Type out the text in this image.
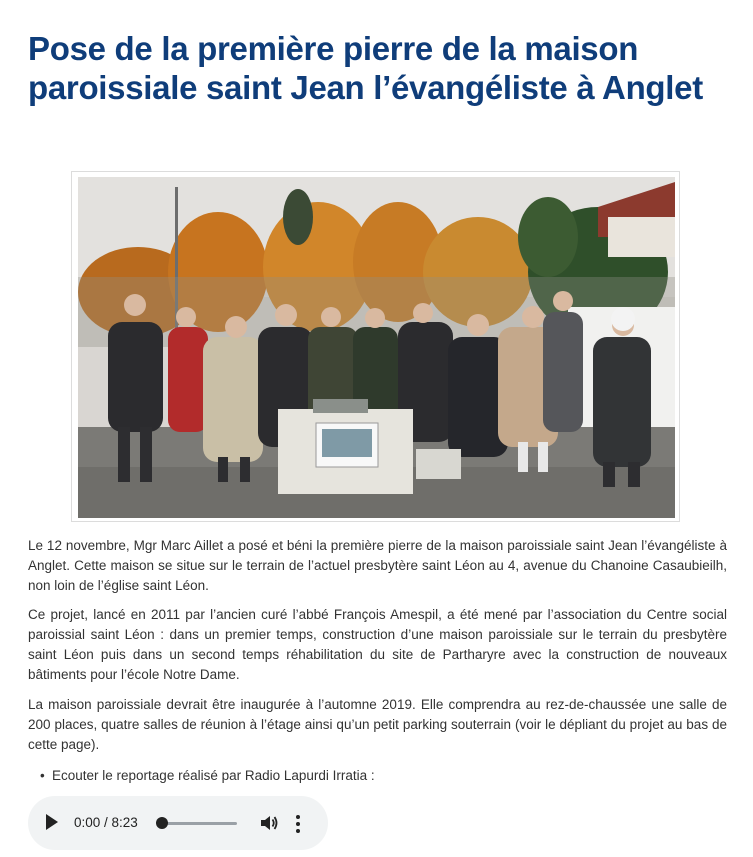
Pose de la première pierre de la maison paroissiale saint Jean l’évangéliste à Anglet

Le 12 novembre, Mgr Marc Aillet a posé et béni la première pierre de la maison paroissiale saint Jean l’évangéliste à Anglet. Cette maison se situe sur le terrain de l’actuel presbytère saint Léon au 4, avenue du Chanoine Casaubieilh, non loin de l’église saint Léon.

Ce projet, lancé en 2011 par l’ancien curé l’abbé François Amespil, a été mené par l’association du Centre social paroissial saint Léon : dans un premier temps, construction d’une maison paroissiale sur le terrain du presbytère saint Léon puis dans un second temps réhabilitation du site de Partharyre avec la construction de nouveaux bâtiments pour l’école Notre Dame.

La maison paroissiale devrait être inaugurée à l’automne 2019. Elle comprendra au rez-de-chaussée une salle de 200 places, quatre salles de réunion à l’étage ainsi qu’un petit parking souterrain (voir le dépliant du projet au bas de cette page).

• Ecouter le reportage réalisé par Radio Lapurdi Irratia :
0:00 / 8:23
